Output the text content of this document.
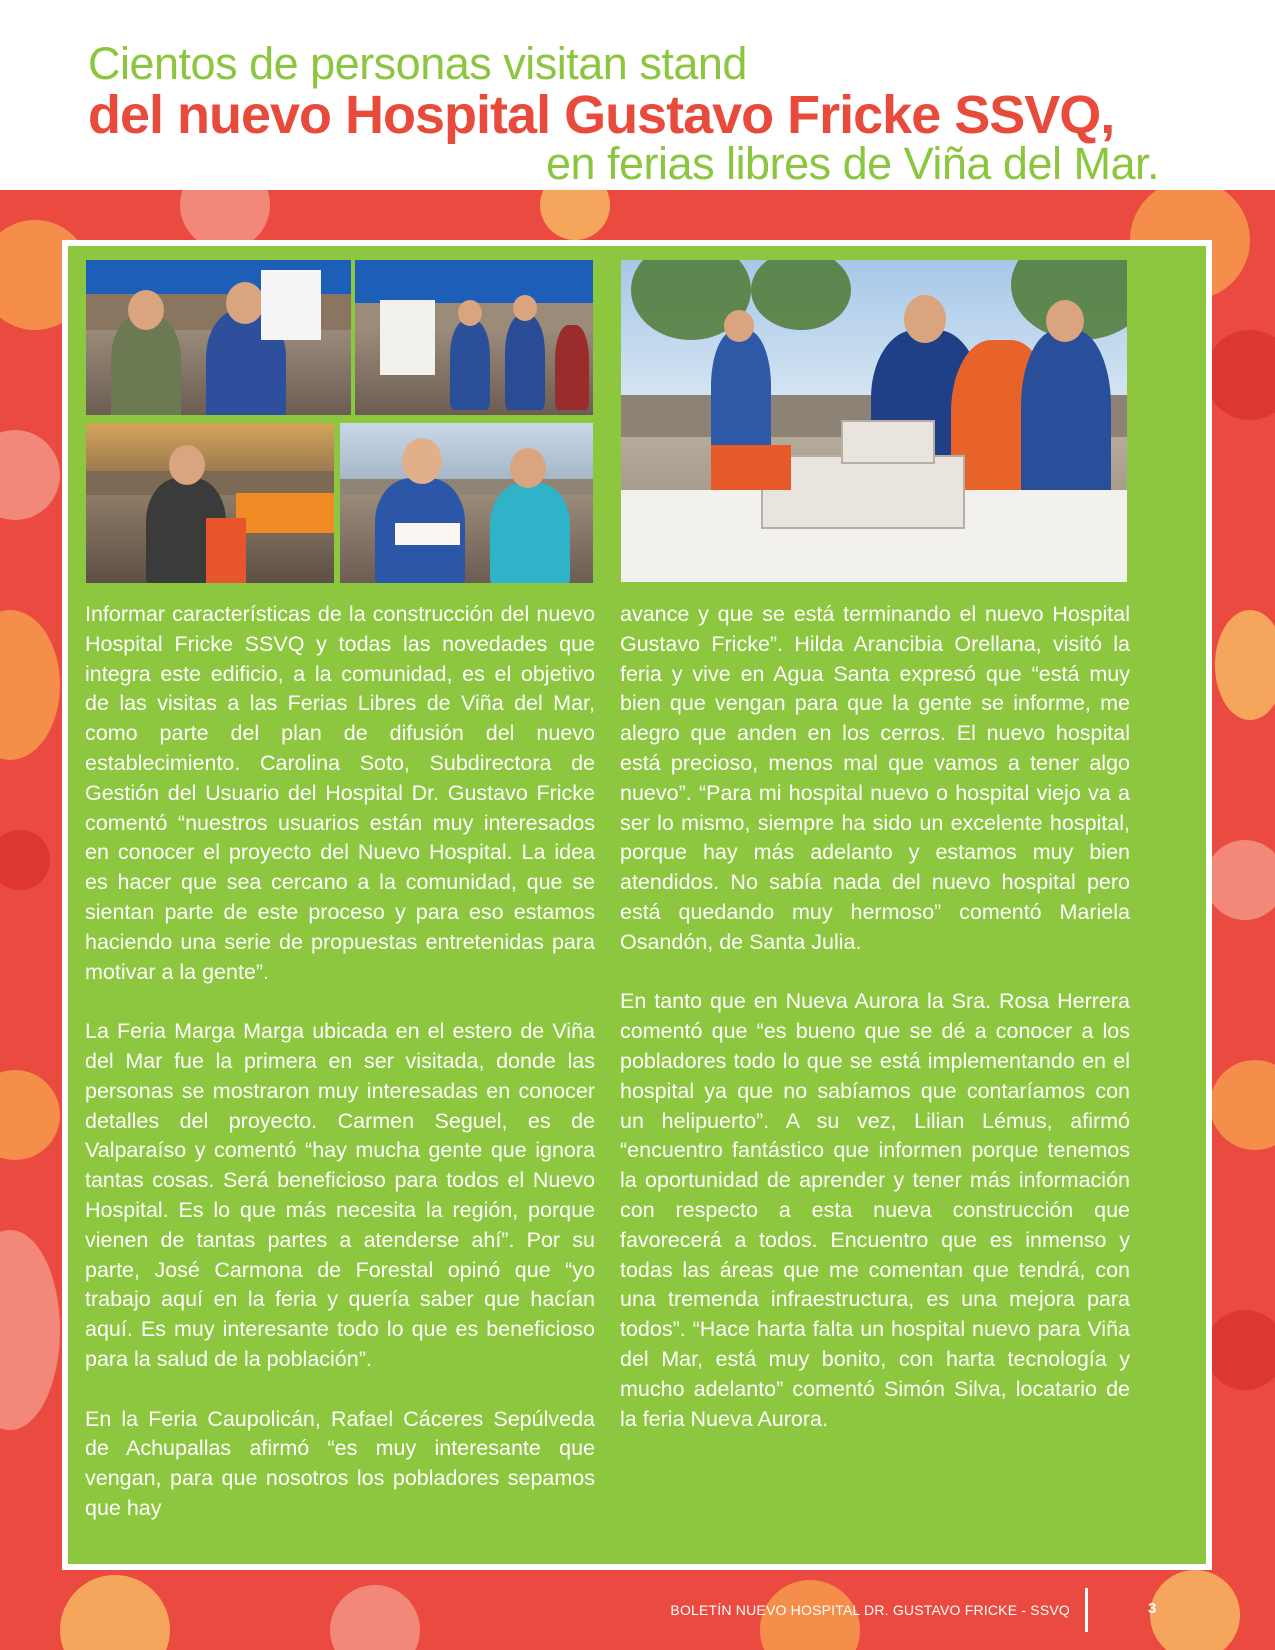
Cientos de personas visitan stand
del nuevo Hospital Gustavo Fricke SSVQ,
en ferias libres de Viña del Mar.

Informar características de la construcción del nuevo Hospital Fricke SSVQ y todas las novedades que integra este edificio, a la comunidad, es el objetivo de las visitas a las Ferias Libres de Viña del Mar, como parte del plan de difusión del nuevo establecimiento. Carolina Soto, Subdirectora de Gestión del Usuario del Hospital Dr. Gustavo Fricke comentó “nuestros usuarios están muy interesados en conocer el proyecto del Nuevo Hospital. La idea es hacer que sea cercano a la comunidad, que se sientan parte de este proceso y para eso estamos haciendo una serie de propuestas entretenidas para motivar a la gente”.

La Feria Marga Marga ubicada en el estero de Viña del Mar fue la primera en ser visitada, donde las personas se mostraron muy interesadas en conocer detalles del proyecto. Carmen Seguel, es de Valparaíso y comentó “hay mucha gente que ignora tantas cosas. Será beneficioso para todos el Nuevo Hospital. Es lo que más necesita la región, porque vienen de tantas partes a atenderse ahí”. Por su parte, José Carmona de Forestal opinó que “yo trabajo aquí en la feria y quería saber que hacían aquí. Es muy interesante todo lo que es beneficioso para la salud de la población”.

En la Feria Caupolicán, Rafael Cáceres Sepúlveda de Achupallas afirmó “es muy interesante que vengan, para que nosotros los pobladores sepamos que hay

avance y que se está terminando el nuevo Hospital Gustavo Fricke”. Hilda Arancibia Orellana, visitó la feria y vive en Agua Santa expresó que “está muy bien que vengan para que la gente se informe, me alegro que anden en los cerros. El nuevo hospital está precioso, menos mal que vamos a tener algo nuevo”. “Para mi hospital nuevo o hospital viejo va a ser lo mismo, siempre ha sido un excelente hospital, porque hay más adelanto y estamos muy bien atendidos. No sabía nada del nuevo hospital pero está quedando muy hermoso” comentó Mariela Osandón, de Santa Julia.

En tanto que en Nueva Aurora la Sra. Rosa Herrera comentó que “es bueno que se dé a conocer a los pobladores todo lo que se está implementando en el hospital ya que no sabíamos que contaríamos con un helipuerto”. A su vez, Lilian Lémus, afirmó “encuentro fantástico que informen porque tenemos la oportunidad de aprender y tener más información con respecto a esta nueva construcción que favorecerá a todos. Encuentro que es inmenso y todas las áreas que me comentan que tendrá, con una tremenda infraestructura, es una mejora para todos”. “Hace harta falta un hospital nuevo para Viña del Mar, está muy bonito, con harta tecnología y mucho adelanto” comentó Simón Silva, locatario de la feria Nueva Aurora.

BOLETÍN NUEVO HOSPITAL DR. GUSTAVO FRICKE - SSVQ	3
